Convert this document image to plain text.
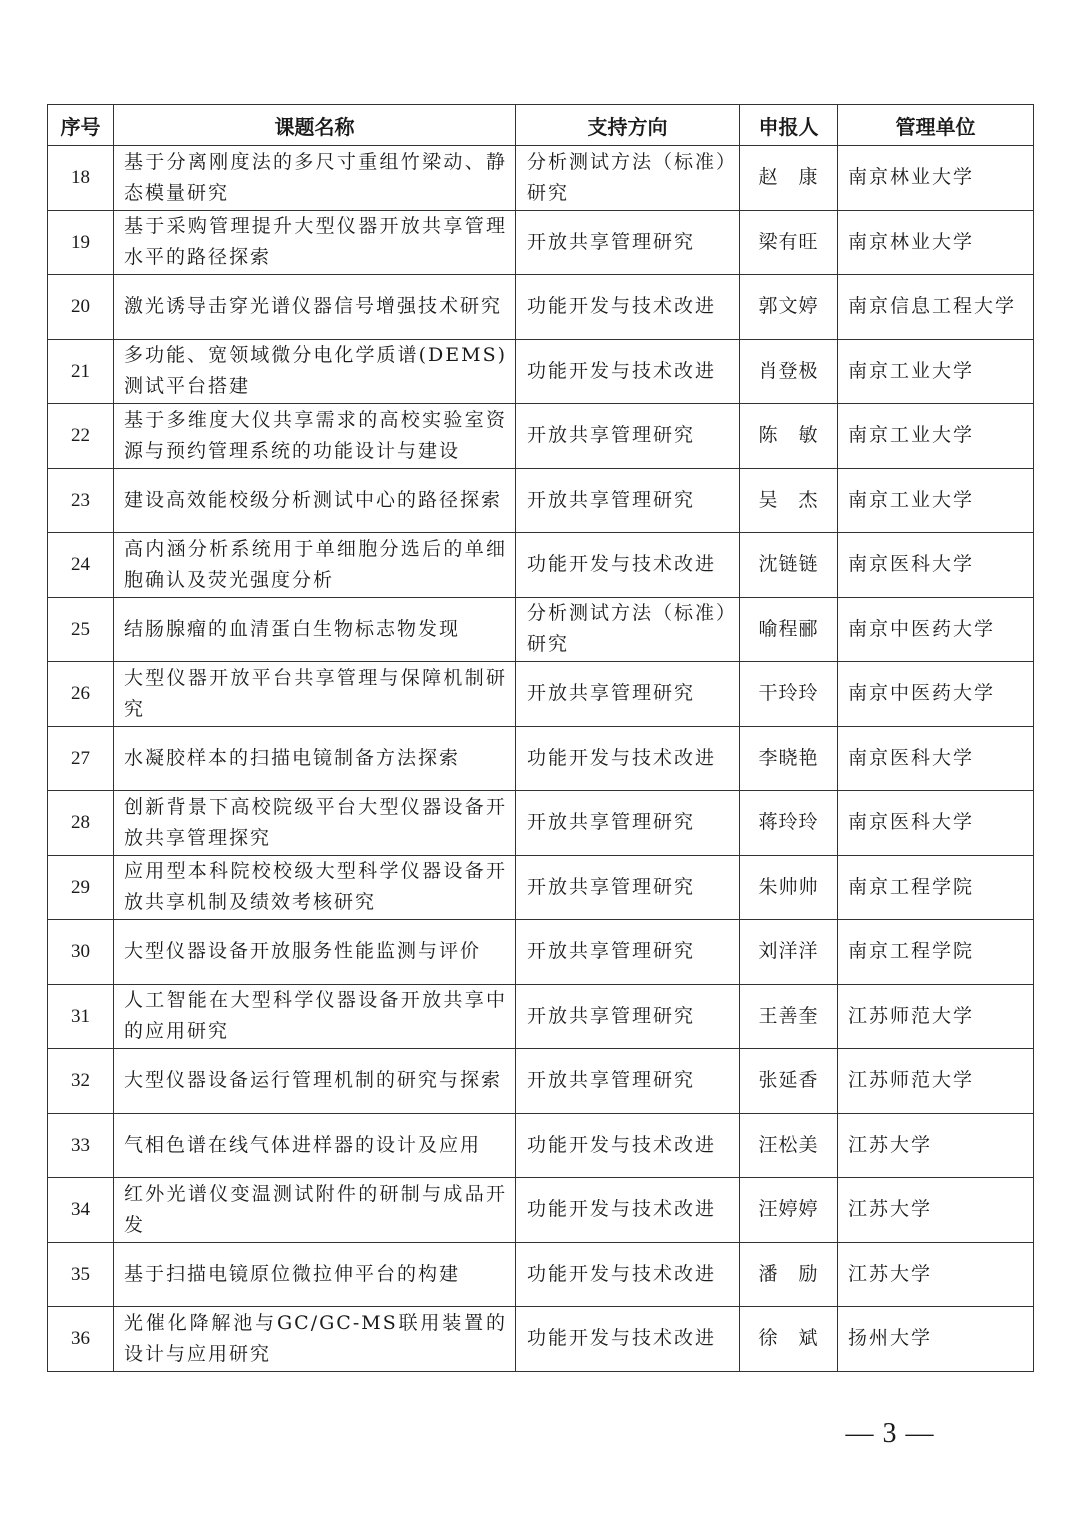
序号	课题名称	支持方向	申报人	管理单位
18	基于分离刚度法的多尺寸重组竹梁动、静态模量研究	分析测试方法（标准）研究	赵　康	南京林业大学
19	基于采购管理提升大型仪器开放共享管理水平的路径探索	开放共享管理研究	梁有旺	南京林业大学
20	激光诱导击穿光谱仪器信号增强技术研究	功能开发与技术改进	郭文婷	南京信息工程大学
21	多功能、宽领域微分电化学质谱(DEMS)测试平台搭建	功能开发与技术改进	肖登极	南京工业大学
22	基于多维度大仪共享需求的高校实验室资源与预约管理系统的功能设计与建设	开放共享管理研究	陈　敏	南京工业大学
23	建设高效能校级分析测试中心的路径探索	开放共享管理研究	吴　杰	南京工业大学
24	高内涵分析系统用于单细胞分选后的单细胞确认及荧光强度分析	功能开发与技术改进	沈链链	南京医科大学
25	结肠腺瘤的血清蛋白生物标志物发现	分析测试方法（标准）研究	喻程郦	南京中医药大学
26	大型仪器开放平台共享管理与保障机制研究	开放共享管理研究	干玲玲	南京中医药大学
27	水凝胶样本的扫描电镜制备方法探索	功能开发与技术改进	李晓艳	南京医科大学
28	创新背景下高校院级平台大型仪器设备开放共享管理探究	开放共享管理研究	蒋玲玲	南京医科大学
29	应用型本科院校校级大型科学仪器设备开放共享机制及绩效考核研究	开放共享管理研究	朱帅帅	南京工程学院
30	大型仪器设备开放服务性能监测与评价	开放共享管理研究	刘洋洋	南京工程学院
31	人工智能在大型科学仪器设备开放共享中的应用研究	开放共享管理研究	王善奎	江苏师范大学
32	大型仪器设备运行管理机制的研究与探索	开放共享管理研究	张延香	江苏师范大学
33	气相色谱在线气体进样器的设计及应用	功能开发与技术改进	汪松美	江苏大学
34	红外光谱仪变温测试附件的研制与成品开发	功能开发与技术改进	汪婷婷	江苏大学
35	基于扫描电镜原位微拉伸平台的构建	功能开发与技术改进	潘　励	江苏大学
36	光催化降解池与GC/GC-MS联用装置的设计与应用研究	功能开发与技术改进	徐　斌	扬州大学
— 3 —
